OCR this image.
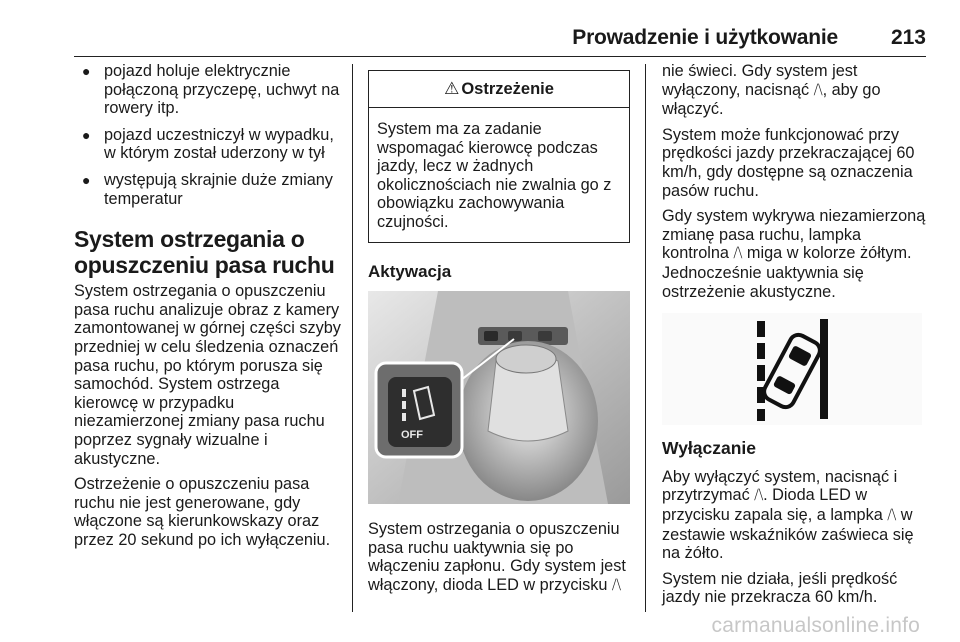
Prowadzenie i użytkowanie	213
● pojazd holuje elektrycznie połączoną przyczepę, uchwyt na rowery itp.
● pojazd uczestniczył w wypadku, w którym został uderzony w tył
● występują skrajnie duże zmiany temperatur
System ostrzegania o opuszczeniu pasa ruchu

System ostrzegania o opuszczeniu pasa ruchu analizuje obraz z kamery zamontowanej w górnej części szyby przedniej w celu śledzenia oznaczeń pasa ruchu, po którym porusza się samochód. System ostrzega kierowcę w przypadku niezamierzonej zmiany pasa ruchu poprzez sygnały wizualne i akustyczne.

Ostrzeżenie o opuszczeniu pasa ruchu nie jest generowane, gdy włączone są kierunkowskazy oraz przez 20 sekund po ich wyłączeniu.

⚠ Ostrzeżenie
System ma za zadanie wspomagać kierowcę podczas jazdy, lecz w żadnych okolicznościach nie zwalnia go z obowiązku zachowywania czujności.
Aktywacja
OFF

System ostrzegania o opuszczeniu pasa ruchu uaktywnia się po włączeniu zapłonu. Gdy system jest włączony, dioda LED w przycisku ⧸⧹

nie świeci. Gdy system jest wyłączony, nacisnąć ⧸⧹, aby go włączyć.

System może funkcjonować przy prędkości jazdy przekraczającej 60 km/h, gdy dostępne są oznaczenia pasów ruchu.

Gdy system wykrywa niezamierzoną zmianę pasa ruchu, lampka kontrolna ⧸⧹ miga w kolorze żółtym. Jednocześnie uaktywnia się ostrzeżenie akustyczne.

Wyłączanie

Aby wyłączyć system, nacisnąć i przytrzymać ⧸⧹. Dioda LED w przycisku zapala się, a lampka ⧸⧹ w zestawie wskaźników zaświeca się na żółto.

System nie działa, jeśli prędkość jazdy nie przekracza 60 km/h.

carmanualsonline.info
